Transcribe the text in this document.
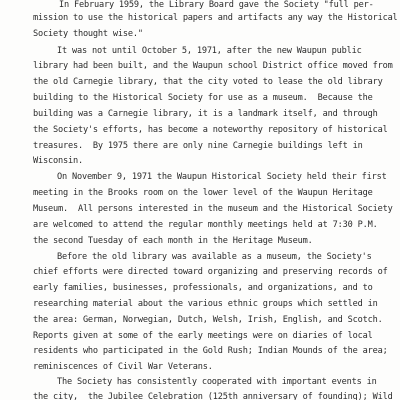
In February 1959, the Library Board gave the Society "full per-
mission to use the historical papers and artifacts any way the Historical
Society thought wise."
It was not until October 5, 1971, after the new Waupun public
library had been built, and the Waupun school District office moved from
the old Carnegie library, that the city voted to lease the old library
building to the Historical Society for use as a museum.  Because the
building was a Carnegie library, it is a landmark itself, and through
the Society's efforts, has become a noteworthy repository of historical
treasures.  By 1975 there are only nine Carnegie buildings left in
Wisconsin.
On November 9, 1971 the Waupun Historical Society held their first
meeting in the Brooks room on the lower level of the Waupun Heritage
Museum.  All persons interested in the museum and the Historical Society
are welcomed to attend the regular monthly meetings held at 7:30 P.M.
the second Tuesday of each month in the Heritage Museum.
Before the old library was available as a museum, the Society's
chief efforts were directed toward organizing and preserving records of
early families, businesses, professionals, and organizations, and to
researching material about the various ethnic groups which settled in
the area: German, Norwegian, Dutch, Welsh, Irish, English, and Scotch.
Reports given at some of the early meetings were on diaries of local
residents who participated in the Gold Rush; Indian Mounds of the area;
reminiscences of Civil War Veterans.
The Society has consistently cooperated with important events in
the city,  the Jubilee Celebration (125th anniversary of founding); Wild
